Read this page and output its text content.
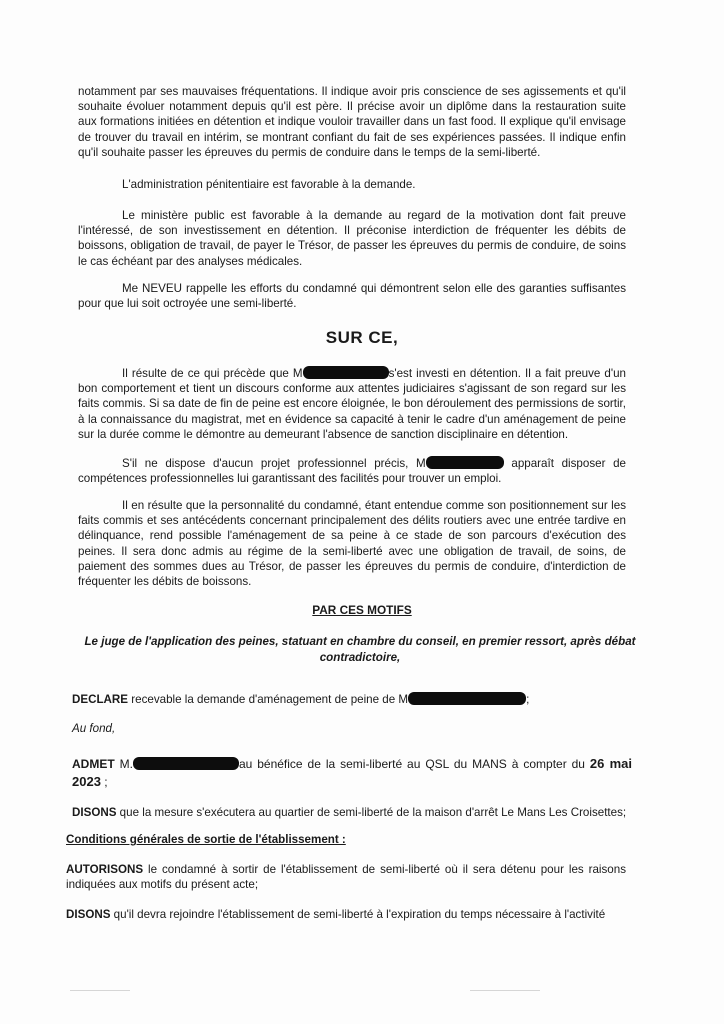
notamment par ses mauvaises fréquentations. Il indique avoir pris conscience de ses agissements et qu'il souhaite évoluer notamment depuis qu'il est père. Il précise avoir un diplôme dans la restauration suite aux formations initiées en détention et indique vouloir travailler dans un fast food. Il explique qu'il envisage de trouver du travail en intérim, se montrant confiant du fait de ses expériences passées. Il indique enfin qu'il souhaite passer les épreuves du permis de conduire dans le temps de la semi-liberté.

L'administration pénitentiaire est favorable à la demande.

Le ministère public est favorable à la demande au regard de la motivation dont fait preuve l'intéressé, de son investissement en détention. Il préconise interdiction de fréquenter les débits de boissons, obligation de travail, de payer le Trésor, de passer les épreuves du permis de conduire, de soins le cas échéant par des analyses médicales.

Me NEVEU rappelle les efforts du condamné qui démontrent selon elle des garanties suffisantes pour que lui soit octroyée une semi-liberté.

SUR CE,

Il résulte de ce qui précède que M	s'est investi en détention. Il a fait preuve d'un bon comportement et tient un discours conforme aux attentes judiciaires s'agissant de son regard sur les faits commis. Si sa date de fin de peine est encore éloignée, le bon déroulement des permissions de sortir, à la connaissance du magistrat, met en évidence sa capacité à tenir le cadre d'un aménagement de peine sur la durée comme le démontre au demeurant l'absence de sanction disciplinaire en détention.

S'il ne dispose d'aucun projet professionnel précis, M	apparaît disposer de compétences professionnelles lui garantissant des facilités pour trouver un emploi.

Il en résulte que la personnalité du condamné, étant entendue comme son positionnement sur les faits commis et ses antécédents concernant principalement des délits routiers avec une entrée tardive en délinquance, rend possible l'aménagement de sa peine à ce stade de son parcours d'exécution des peines. Il sera donc admis au régime de la semi-liberté avec une obligation de travail, de soins, de paiement des sommes dues au Trésor, de passer les épreuves du permis de conduire, d'interdiction de fréquenter les débits de boissons.

PAR CES MOTIFS

Le juge de l'application des peines, statuant en chambre du conseil, en premier ressort, après débat contradictoire,

DECLARE recevable la demande d'aménagement de peine de M	;

Au fond,

ADMET M.	au bénéfice de la semi-liberté au QSL du MANS à compter du 26 mai 2023 ;

DISONS que la mesure s'exécutera au quartier de semi-liberté de la maison d'arrêt Le Mans Les Croisettes;

Conditions générales de sortie de l'établissement :

AUTORISONS le condamné à sortir de l'établissement de semi-liberté où il sera détenu pour les raisons indiquées aux motifs du présent acte;

DISONS qu'il devra rejoindre l'établissement de semi-liberté à l'expiration du temps nécessaire à l'activité
